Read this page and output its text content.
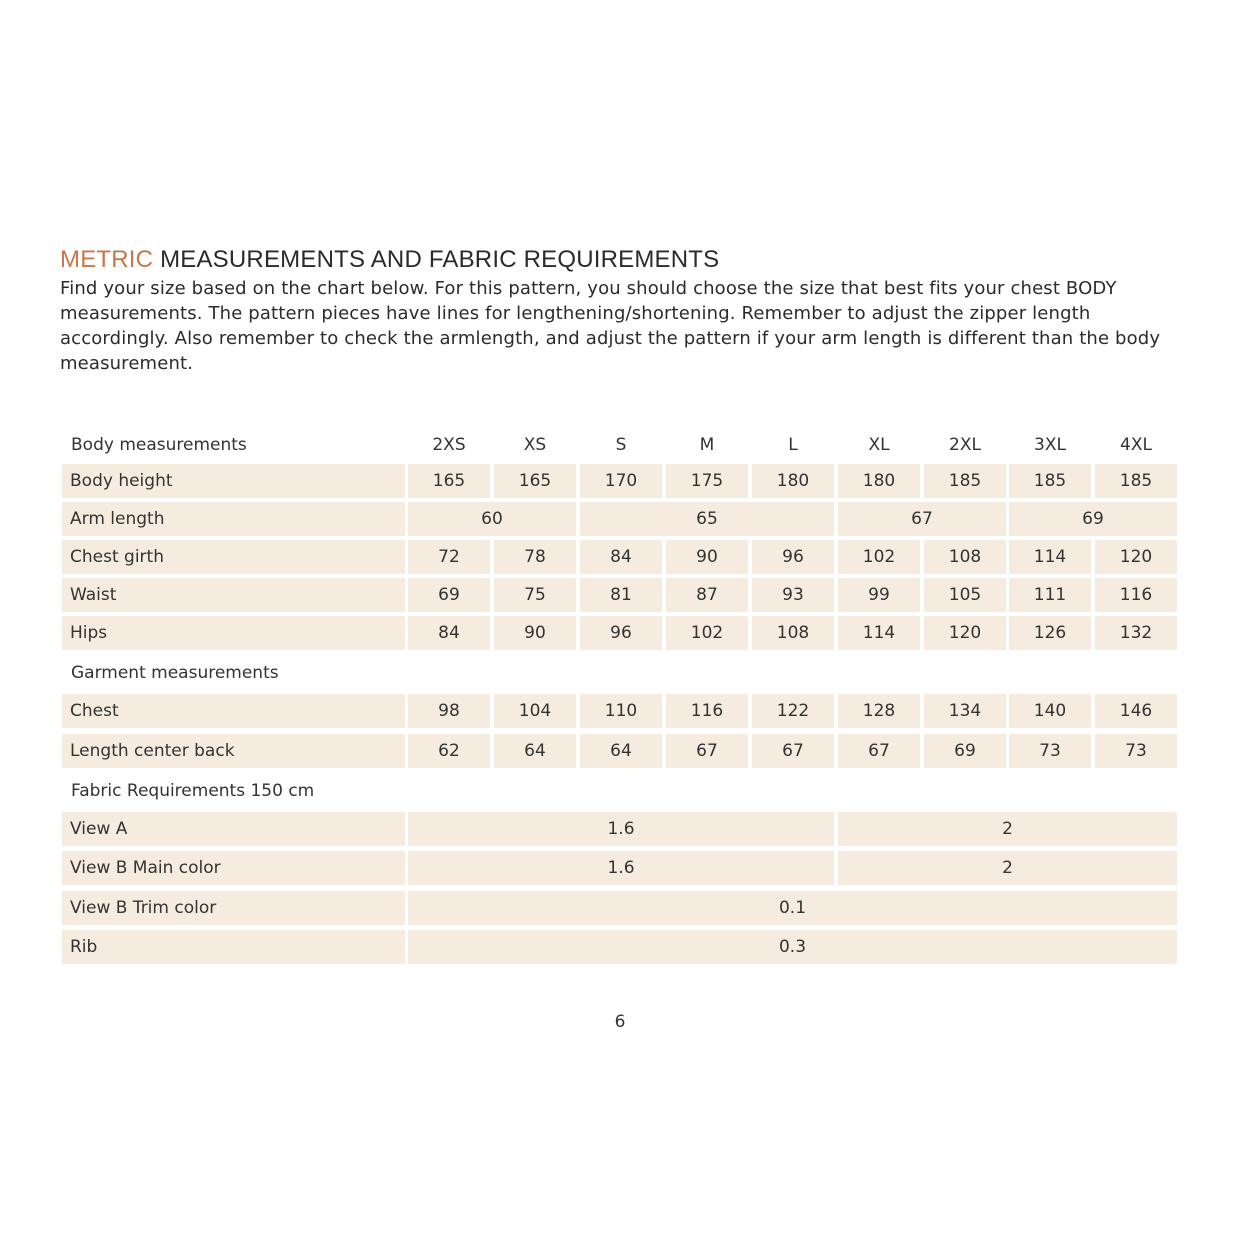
METRIC MEASUREMENTS AND FABRIC REQUIREMENTS

Find your size based on the chart below. For this pattern, you should choose the size that best fits your chest BODY measurements. The pattern pieces have lines for lengthening/shortening. Remember to adjust the zipper length accordingly. Also remember to check the armlength, and adjust the pattern if your arm length is different than the body measurement.

Body measurements	2XS	XS	S	M	L	XL	2XL	3XL	4XL
Body height	165	165	170	175	180	180	185	185	185
Arm length	60	65	67	69
Chest girth	72	78	84	90	96	102	108	114	120
Waist	69	75	81	87	93	99	105	111	116
Hips	84	90	96	102	108	114	120	126	132
Garment measurements
Chest	98	104	110	116	122	128	134	140	146
Length center back	62	64	64	67	67	67	69	73	73
Fabric Requirements 150 cm
View A	1.6	2
View B Main color	1.6	2
View B Trim color	0.1
Rib	0.3

6
